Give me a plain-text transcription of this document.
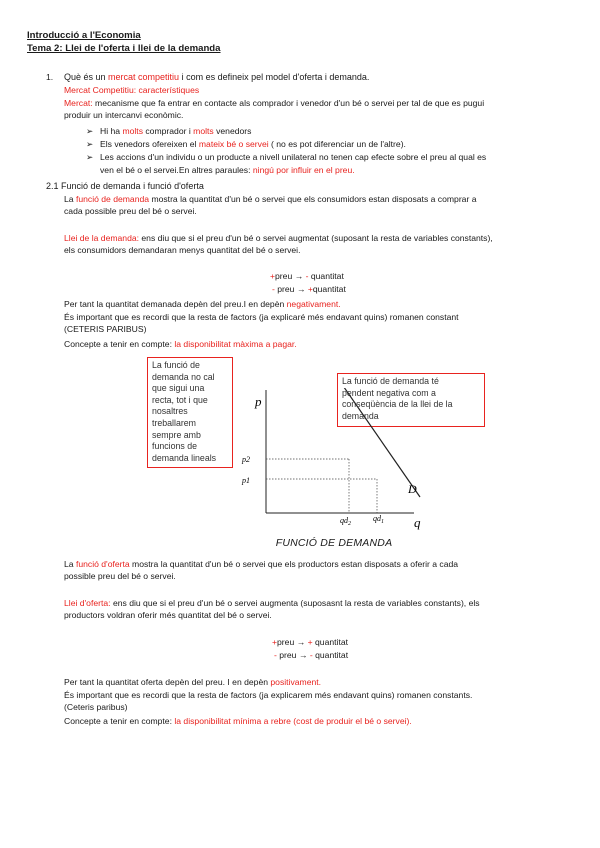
Introducció a l'Economia
Tema 2: Llei de l'oferta i llei de la demanda
1. Què és un mercat competitiu i com es defineix pel model d'oferta i demanda.
Mercat Competitiu: característiques
Mercat: mecanisme que fa entrar en contacte als comprador i venedor d'un bé o servei per tal de que es pugui
produir un intercanvi econòmic.
➢ Hi ha molts comprador i molts venedors
➢ Els venedors ofereixen el mateix bé o servei ( no es pot diferenciar un de l'altre).
➢ Les accions d'un individu o un producte a nivell unilateral no tenen cap efecte sobre el preu al qual es
ven el bé o el servei.En altres paraules: ningú por influir en el preu.
2.1 Funció de demanda i funció d'oferta
La funció de demanda mostra la quantitat d'un bé o servei que els consumidors estan disposats a comprar a
cada possible preu del bé o servei.
Llei de la demanda: ens diu que si el preu d'un bé o servei augmentat (suposant la resta de variables constants),
els consumidors demandaran menys quantitat del bé o servei.
+preu → - quantitat
- preu → +quantitat
Per tant la quantitat demanada depèn del preu.I en depèn negativament.
És important que es recordi que la resta de factors (ja explicaré més endavant quins) romanen constant
(CETERIS PARIBUS)
Concepte a tenir en compte: la disponibilitat màxima a pagar.
La funció de
demanda no cal
que sigui una
recta, tot i que
nosaltres
treballarem
sempre amb
funcions de
demanda lineals
La funció de demanda té
pendent negativa com a
conseqüència de la llei de la
demanda
p
q
D
p2
p1
$qd_2$
$qd_1$
FUNCIÓ DE DEMANDA
La funció d'oferta mostra la quantitat d'un bé o servei que els productors estan disposats a oferir a cada
possible preu del bé o servei.
Llei d'oferta: ens diu que si el preu d'un bé o servei augmenta (suposasnt la resta de variables constants), els
productors voldran oferir més quantitat del bé o servei.
+preu → + quantitat
- preu → - quantitat
Per tant la quantitat oferta depèn del preu. I en depèn positivament.
És important que es recordi que la resta de factors (ja explicarem més endavant quins) romanen constants.
(Ceteris paribus)
Concepte a tenir en compte: la disponibilitat mínima a rebre (cost de produir el bé o servei).
